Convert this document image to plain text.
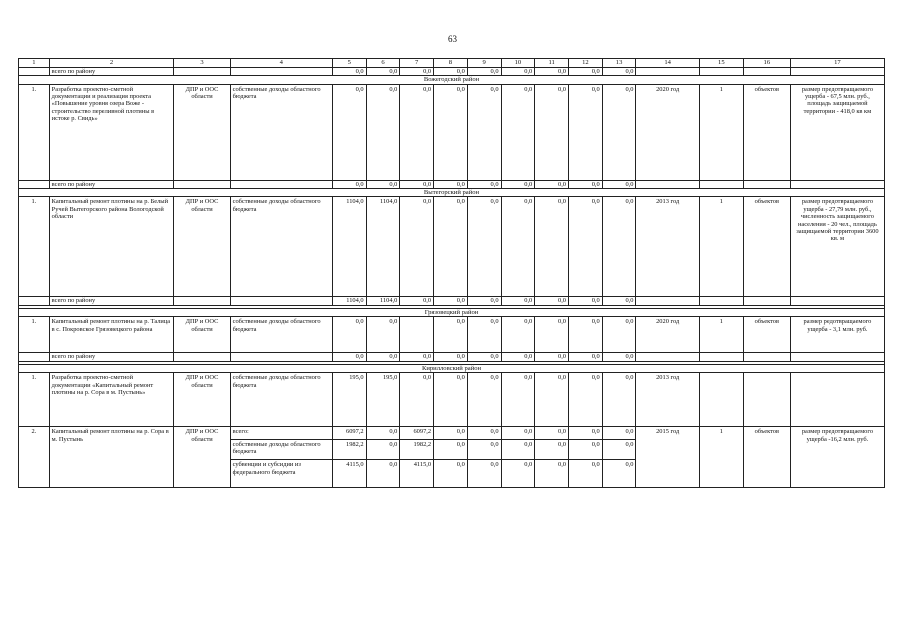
63
1	2	3	4	5	6	7	8	9	10	11	12	13	14	15	16	17
	всего по району			0,0	0,0	0,0	0,0	0,0	0,0	0,0	0,0	0,0				
Вожегодский район																
1.	Разработка проектно-сметной документации и реализация проекта «Повышение уровня озера Воже - строительство переливной плотины в истоке р. Свидь»	ДПР и ООС области	собственные доходы областного бюджета	0,0	0,0	0,0	0,0	0,0	0,0	0,0	0,0	0,0	2020 год	1	объектов	размер предотвращаемого ущерба - 67,5 млн. руб., площадь защищаемой территории - 418,0 кв км
	всего по району			0,0	0,0	0,0	0,0	0,0	0,0	0,0	0,0	0,0				
Вытегорский район																
1.	Капитальный ремонт плотины на р. Белый Ручей Вытегорского района Вологодской области	ДПР и ООС области	собственные доходы областного бюджета	1104,0	1104,0	0,0	0,0	0,0	0,0	0,0	0,0	0,0	2013 год	1	объектов	размер предотвращаемого ущерба - 27,79 млн. руб., численность защищаемого населения - 20 чел., площадь защищаемой территории 3600 кв. м
	всего по району			1104,0	1104,0	0,0	0,0	0,0	0,0	0,0	0,0	0,0				

Грязовецкий район																
1.	Капитальный ремонт плотины на р. Талица в с. Покровское Грязовецкого района	ДПР и ООС области	собственные доходы областного бюджета	0,0	0,0		0,0	0,0	0,0	0,0	0,0	0,0	2020 год	1	объектов	размер редотвращаемого ущерба - 3,1 млн. руб.
	всего по району			0,0	0,0	0,0	0,0	0,0	0,0	0,0	0,0	0,0				

Кирилловский район																
1.	Разработка проектно-сметной документации «Капитальный ремонт плотины на р. Сора в м. Пустынь»	ДПР и ООС области	собственные доходы областного бюджета	195,0	195,0	0,0	0,0	0,0	0,0	0,0	0,0	0,0	2013 год			
2.	Капитальный ремонт плотины на р. Сора в м. Пустынь	ДПР и ООС области	всего:	6097,2	0,0	6097,2	0,0	0,0	0,0	0,0	0,0	0,0	2015 год	1	объектов	размер предотвращаемого ущерба -16,2 млн. руб.
			собственные доходы областного бюджета	1982,2	0,0	1982,2	0,0	0,0	0,0	0,0	0,0	0,0				
			субвенции и субсидии из федерального бюджета	4115,0	0,0	4115,0	0,0	0,0	0,0	0,0	0,0	0,0				
